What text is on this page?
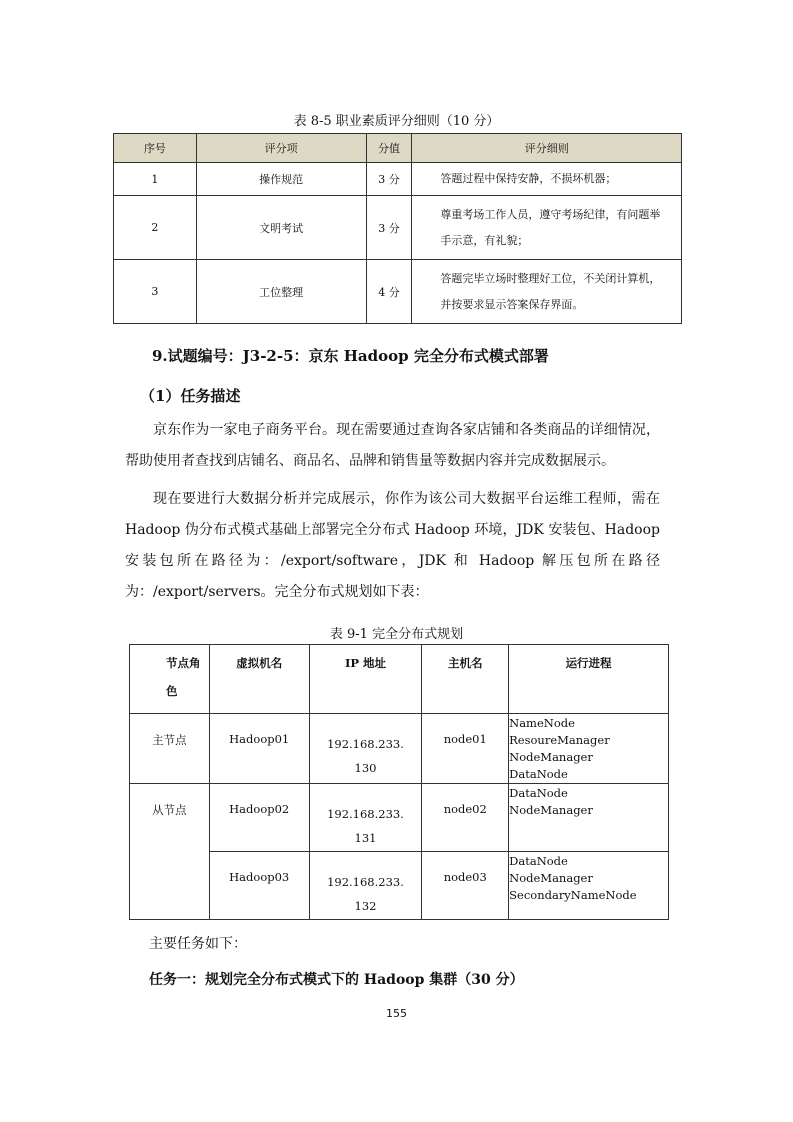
表 8-5 职业素质评分细则（10 分）
序号	评分项	分值	评分细则
1	操作规范	3 分	答题过程中保持安静，不损坏机器；
2	文明考试	3 分	尊重考场工作人员，遵守考场纪律，有问题举手示意，有礼貌；
3	工位整理	4 分	答题完毕立场时整理好工位，不关闭计算机，并按要求显示答案保存界面。
9.试题编号：J3-2-5：京东 Hadoop 完全分布式模式部署
（1）任务描述
京东作为一家电子商务平台。现在需要通过查询各家店铺和各类商品的详细情况，帮助使用者查找到店铺名、商品名、品牌和销售量等数据内容并完成数据展示。
现在要进行大数据分析并完成展示，你作为该公司大数据平台运维工程师，需在 Hadoop 伪分布式模式基础上部署完全分布式 Hadoop 环境，JDK 安装包、Hadoop 安装包所在路径为：/export/software，JDK 和 Hadoop 解压包所在路径为：/export/servers。完全分布式规划如下表：
表 9-1 完全分布式规划
节点角
色	虚拟机名	IP 地址	主机名	运行进程
主节点	Hadoop01	192.168.233.130	node01	NameNode
ResoureManager
NodeManager
DataNode

从节点	Hadoop02	192.168.233.131	node02	DataNode
NodeManager

	Hadoop03	192.168.233.132	node03	DataNode
NodeManager
SecondaryNameNode
主要任务如下：
任务一：规划完全分布式模式下的 Hadoop 集群（30 分）
155
